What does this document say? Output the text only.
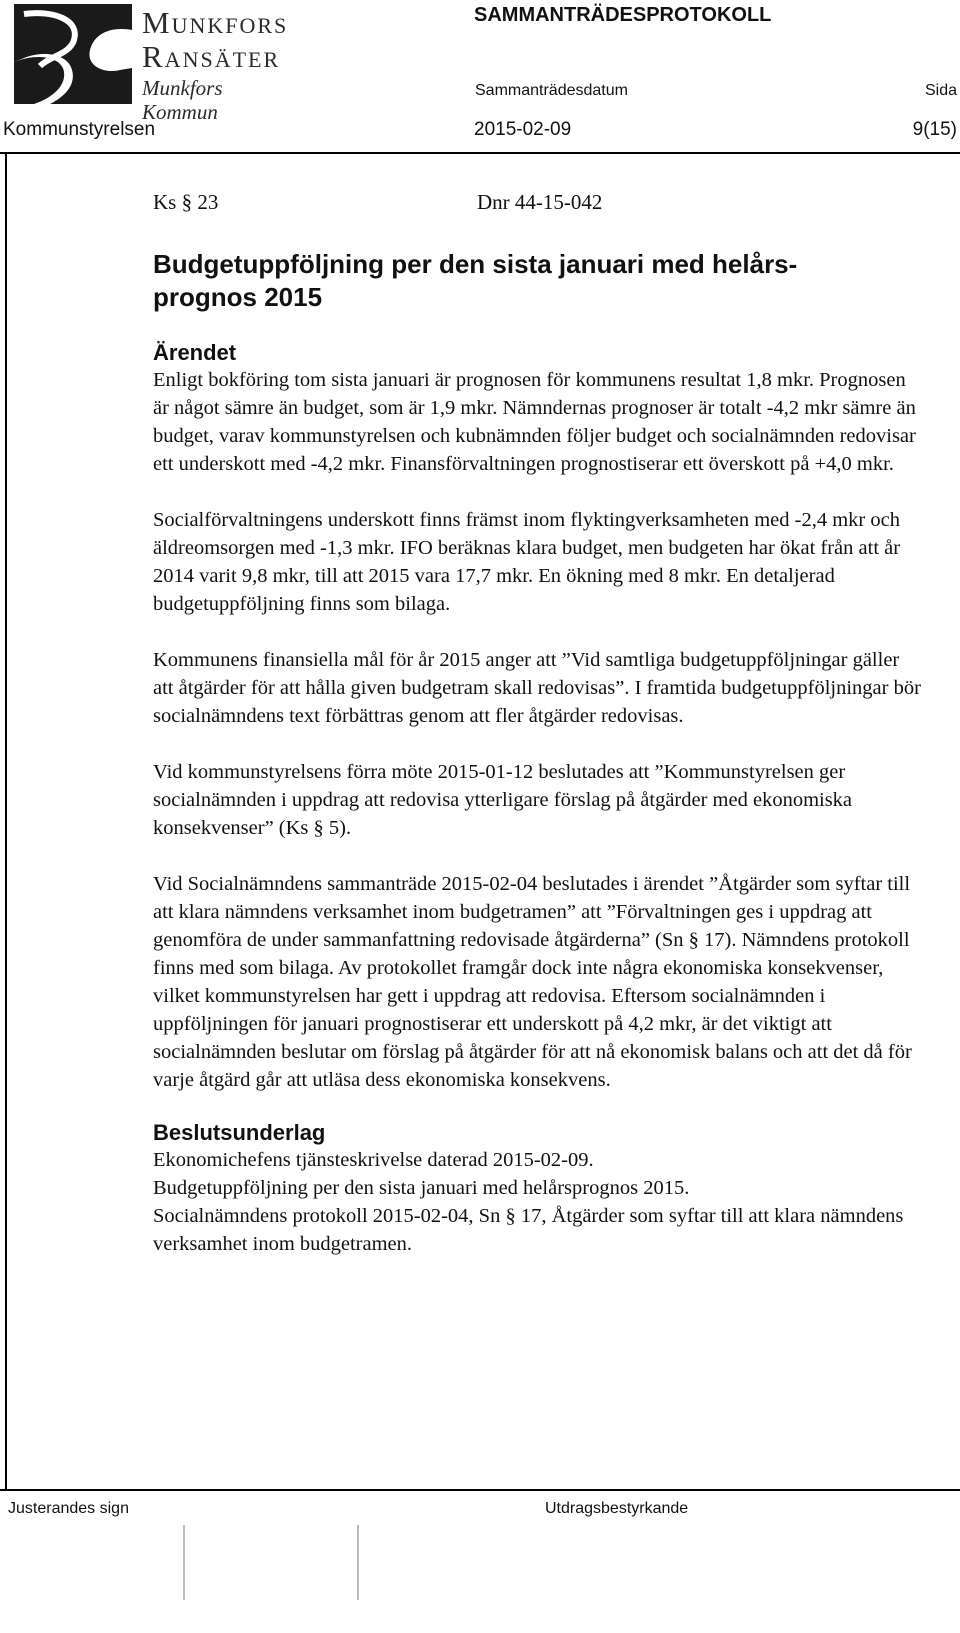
Munkfors
Ransäter
Munkfors Kommun
SAMMANTRÄDESPROTOKOLL
Sammanträdesdatum	Sida
Kommunstyrelsen	2015-02-09	9(15)
Ks § 23	Dnr 44-15-042
Budgetuppföljning per den sista januari med helårs-
prognos 2015
Ärendet

Enligt bokföring tom sista januari är prognosen för kommunens resultat 1,8 mkr. Prognosen är något sämre än budget, som är 1,9 mkr. Nämndernas prognoser är totalt -4,2 mkr sämre än budget, varav kommunstyrelsen och kubnämnden följer budget och socialnämnden redovisar ett underskott med -4,2 mkr. Finansförvaltningen prognostiserar ett överskott på +4,0 mkr.

Socialförvaltningens underskott finns främst inom flyktingverksamheten med -2,4 mkr och äldreomsorgen med -1,3 mkr. IFO beräknas klara budget, men budgeten har ökat från att år 2014 varit 9,8 mkr, till att 2015 vara 17,7 mkr. En ökning med 8 mkr. En detaljerad budgetuppföljning finns som bilaga.

Kommunens finansiella mål för år 2015 anger att ”Vid samtliga budgetuppföljningar gäller att åtgärder för att hålla given budgetram skall redovisas”. I framtida budgetuppföljningar bör socialnämndens text förbättras genom att fler åtgärder redovisas.

Vid kommunstyrelsens förra möte 2015-01-12 beslutades att ”Kommunstyrelsen ger socialnämnden i uppdrag att redovisa ytterligare förslag på åtgärder med ekonomiska konsekvenser” (Ks § 5).

Vid Socialnämndens sammanträde 2015-02-04 beslutades i ärendet ”Åtgärder som syftar till att klara nämndens verksamhet inom budgetramen” att ”Förvaltningen ges i uppdrag att genomföra de under sammanfattning redovisade åtgärderna” (Sn § 17). Nämndens protokoll finns med som bilaga. Av protokollet framgår dock inte några ekonomiska konsekvenser, vilket kommunstyrelsen har gett i uppdrag att redovisa. Eftersom socialnämnden i uppföljningen för januari prognostiserar ett underskott på 4,2 mkr, är det viktigt att socialnämnden beslutar om förslag på åtgärder för att nå ekonomisk balans och att det då för varje åtgärd går att utläsa dess ekonomiska konsekvens.

Beslutsunderlag
Ekonomichefens tjänsteskrivelse daterad 2015-02-09.
Budgetuppföljning per den sista januari med helårsprognos 2015.
Socialnämndens protokoll 2015-02-04, Sn § 17, Åtgärder som syftar till att klara nämndens verksamhet inom budgetramen.
Justerandes sign	Utdragsbestyrkande
